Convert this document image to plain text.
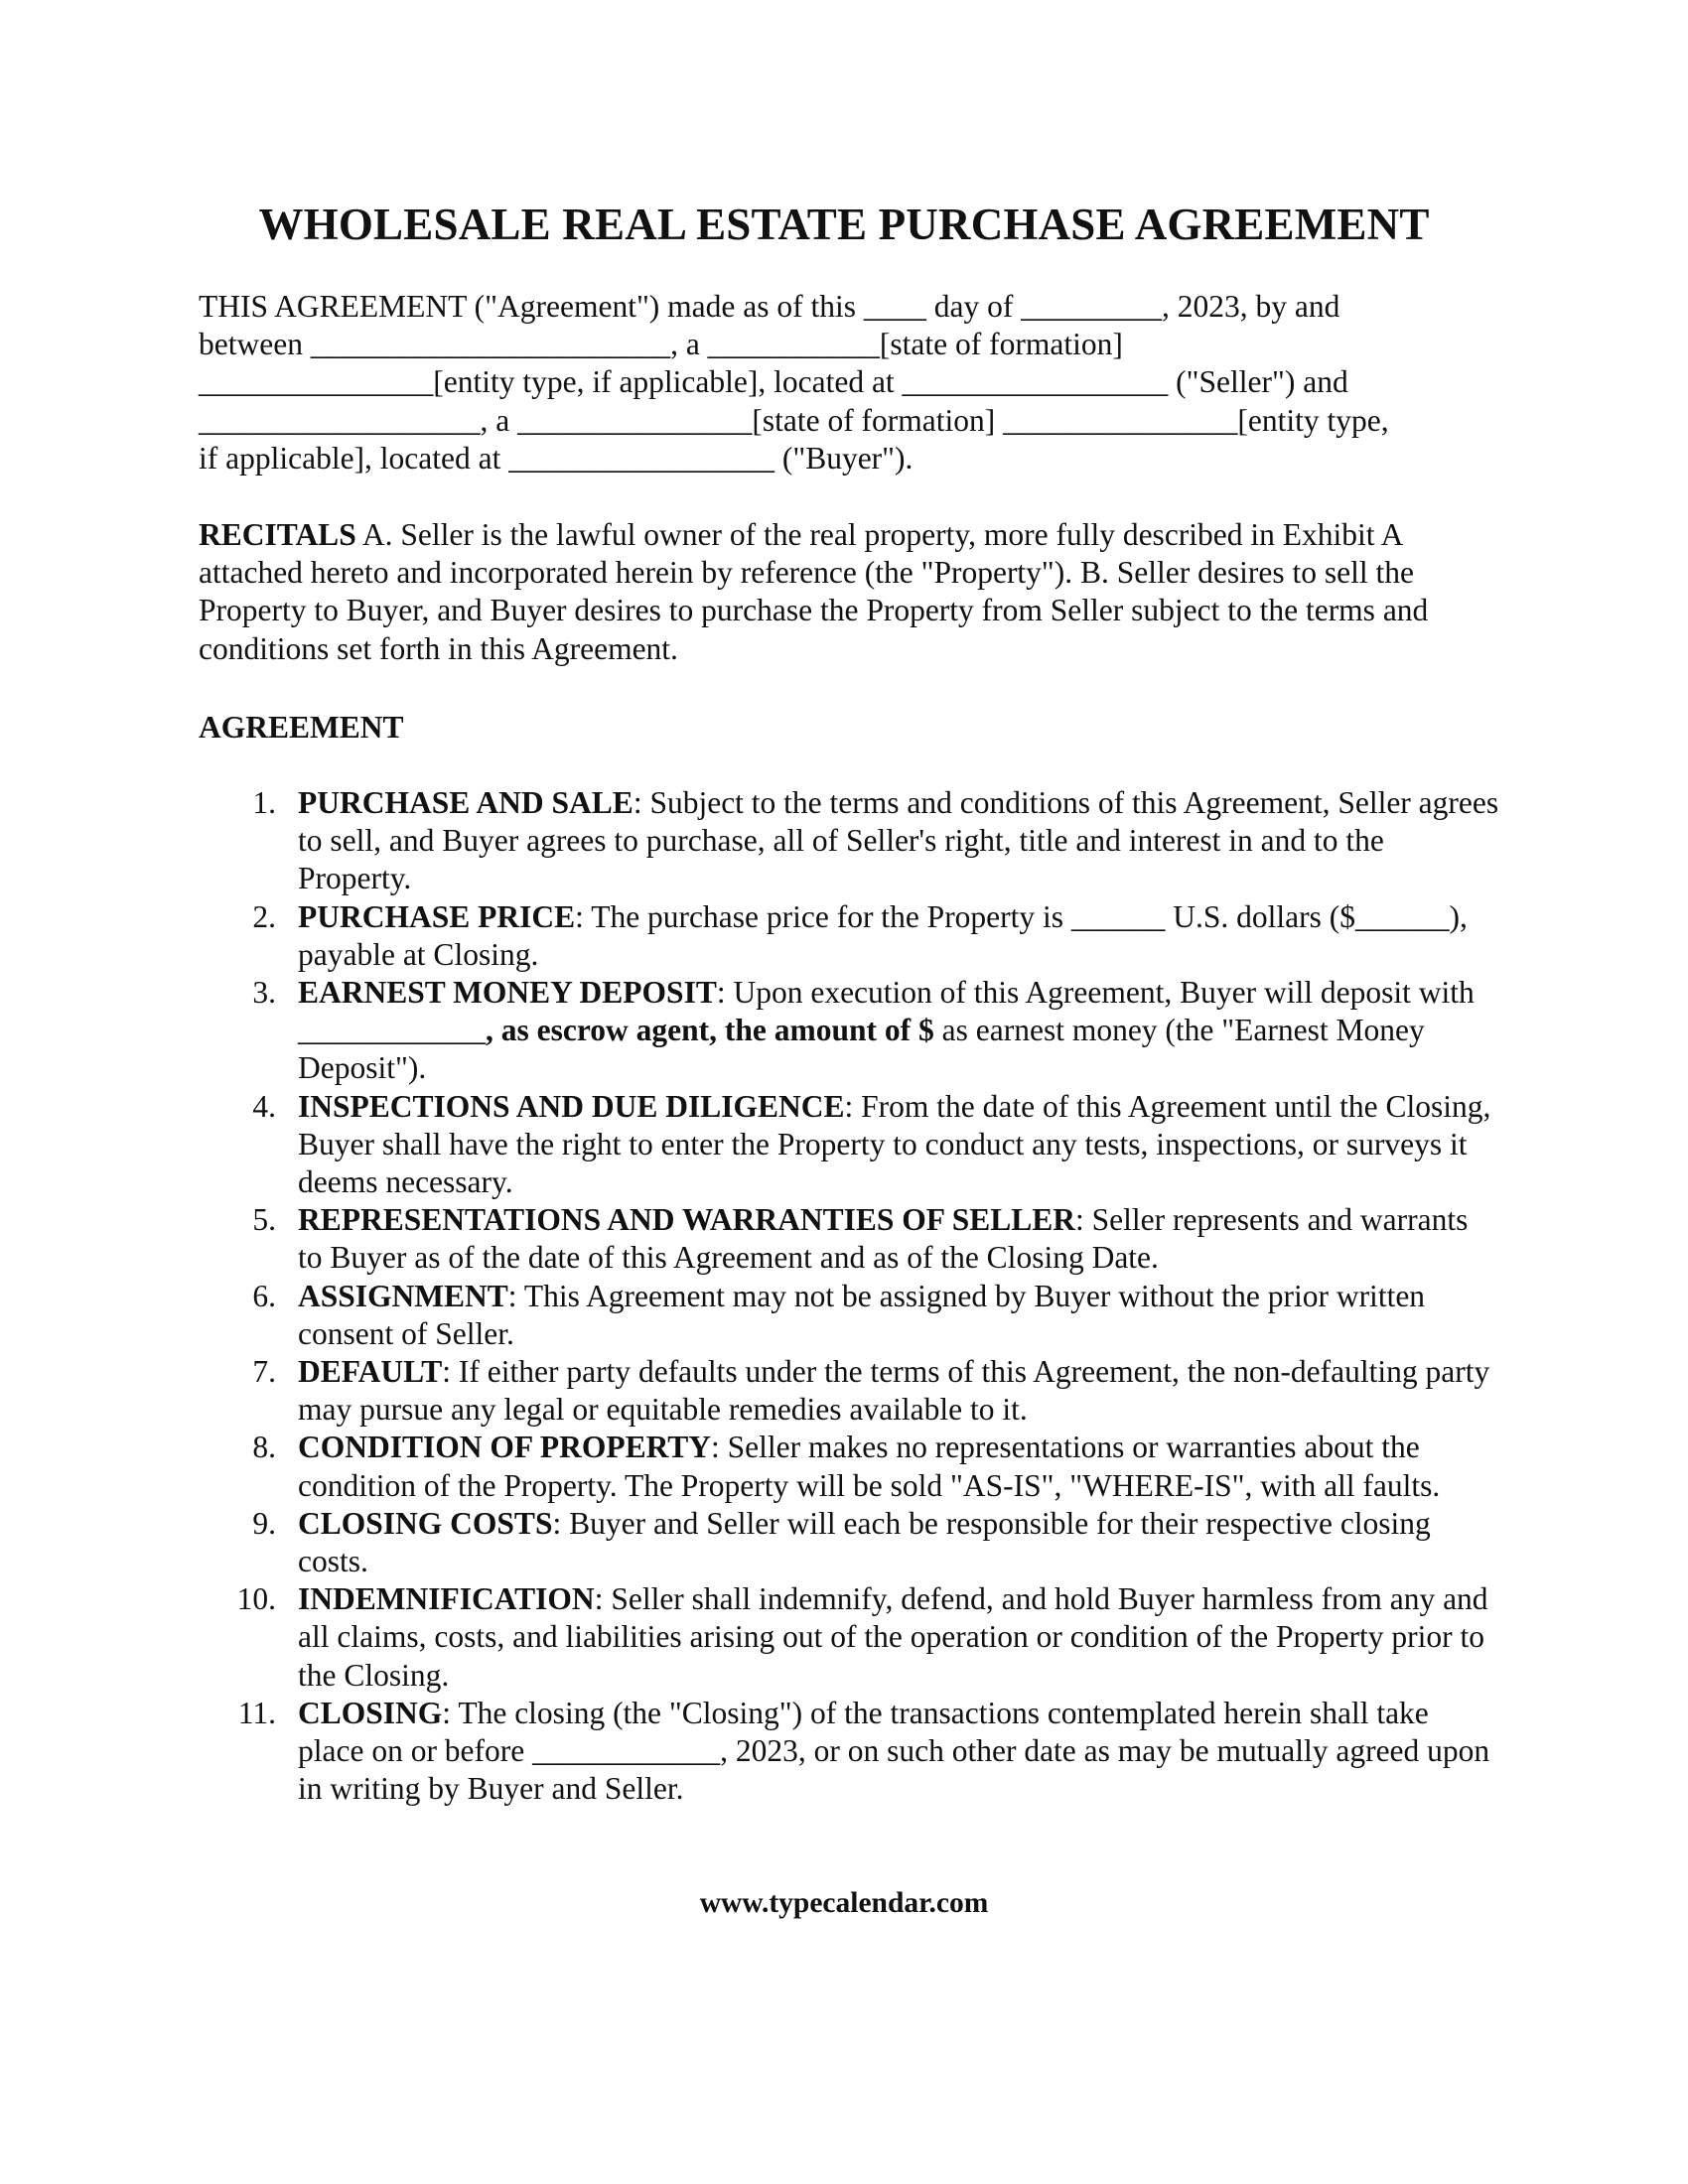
WHOLESALE REAL ESTATE PURCHASE AGREEMENT
THIS AGREEMENT ("Agreement") made as of this ____ day of _________, 2023, by and
between _______________________, a ___________[state of formation]
_______________[entity type, if applicable], located at _________________ ("Seller") and
__________________, a _______________[state of formation] _______________[entity type,
if applicable], located at _________________ ("Buyer").

RECITALS A. Seller is the lawful owner of the real property, more fully described in Exhibit A attached hereto and incorporated herein by reference (the "Property"). B. Seller desires to sell the Property to Buyer, and Buyer desires to purchase the Property from Seller subject to the terms and conditions set forth in this Agreement.

AGREEMENT
1. PURCHASE AND SALE: Subject to the terms and conditions of this Agreement, Seller agrees to sell, and Buyer agrees to purchase, all of Seller's right, title and interest in and to the Property.
2. PURCHASE PRICE: The purchase price for the Property is ______ U.S. dollars ($______), payable at Closing.
3. EARNEST MONEY DEPOSIT: Upon execution of this Agreement, Buyer will deposit with ____________, as escrow agent, the amount of $ as earnest money (the "Earnest Money Deposit").
4. INSPECTIONS AND DUE DILIGENCE: From the date of this Agreement until the Closing, Buyer shall have the right to enter the Property to conduct any tests, inspections, or surveys it deems necessary.
5. REPRESENTATIONS AND WARRANTIES OF SELLER: Seller represents and warrants to Buyer as of the date of this Agreement and as of the Closing Date.
6. ASSIGNMENT: This Agreement may not be assigned by Buyer without the prior written consent of Seller.
7. DEFAULT: If either party defaults under the terms of this Agreement, the non-defaulting party may pursue any legal or equitable remedies available to it.
8. CONDITION OF PROPERTY: Seller makes no representations or warranties about the condition of the Property. The Property will be sold "AS-IS", "WHERE-IS", with all faults.
9. CLOSING COSTS: Buyer and Seller will each be responsible for their respective closing costs.
10. INDEMNIFICATION: Seller shall indemnify, defend, and hold Buyer harmless from any and all claims, costs, and liabilities arising out of the operation or condition of the Property prior to the Closing.
11. CLOSING: The closing (the "Closing") of the transactions contemplated herein shall take place on or before ____________, 2023, or on such other date as may be mutually agreed upon in writing by Buyer and Seller.

www.typecalendar.com
